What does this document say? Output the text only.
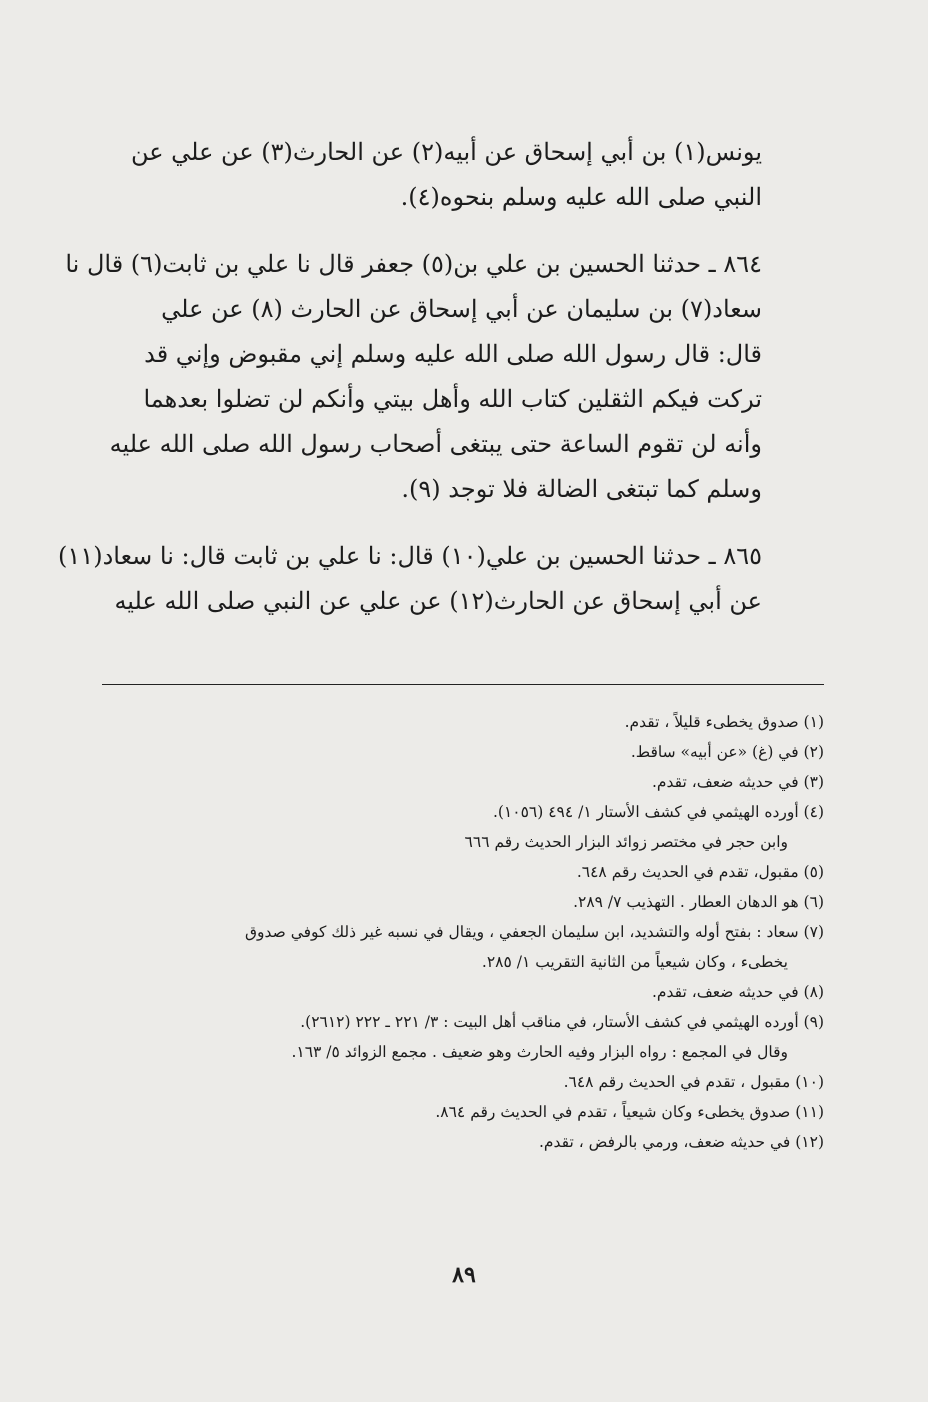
يونس(١) بن أبي إسحاق عن أبيه(٢) عن الحارث(٣) عن علي عن
النبي صلى الله عليه وسلم بنحوه(٤).

٨٦٤ ـ حدثنا الحسين بن علي بن(٥) جعفر قال نا علي بن ثابت(٦) قال نا
سعاد(٧) بن سليمان عن أبي إسحاق عن الحارث (٨) عن علي
قال: قال رسول الله صلى الله عليه وسلم إني مقبوض وإني قد
تركت فيكم الثقلين كتاب الله وأهل بيتي وأنكم لن تضلوا بعدهما
وأنه لن تقوم الساعة حتى يبتغى أصحاب رسول الله صلى الله عليه
وسلم كما تبتغى الضالة فلا توجد (٩).

٨٦٥ ـ حدثنا الحسين بن علي(١٠) قال: نا علي بن ثابت قال: نا سعاد(١١)
عن أبي إسحاق عن الحارث(١٢) عن علي عن النبي صلى الله عليه

(١) صدوق يخطىء قليلاً ، تقدم.
(٢) في (غ) «عن أبيه» ساقط.
(٣) في حديثه ضعف، تقدم.
(٤) أورده الهيثمي في كشف الأستار ١/ ٤٩٤ (١٠٥٦).
وابن حجر في مختصر زوائد البزار الحديث رقم ٦٦٦
(٥) مقبول، تقدم في الحديث رقم ٦٤٨.
(٦) هو الدهان العطار . التهذيب ٧/ ٢٨٩.
(٧) سعاد : بفتح أوله والتشديد، ابن سليمان الجعفي ، ويقال في نسبه غير ذلك كوفي صدوق
يخطىء ، وكان شيعياً من الثانية التقريب ١/ ٢٨٥.
(٨) في حديثه ضعف، تقدم.
(٩) أورده الهيثمي في كشف الأستار، في مناقب أهل البيت : ٣/ ٢٢١ ـ ٢٢٢ (٢٦١٢).
وقال في المجمع : رواه البزار وفيه الحارث وهو ضعيف . مجمع الزوائد ٥/ ١٦٣.
(١٠) مقبول ، تقدم في الحديث رقم ٦٤٨.
(١١) صدوق يخطىء وكان شيعياً ، تقدم في الحديث رقم ٨٦٤.
(١٢) في حديثه ضعف، ورمي بالرفض ، تقدم.
٨٩
